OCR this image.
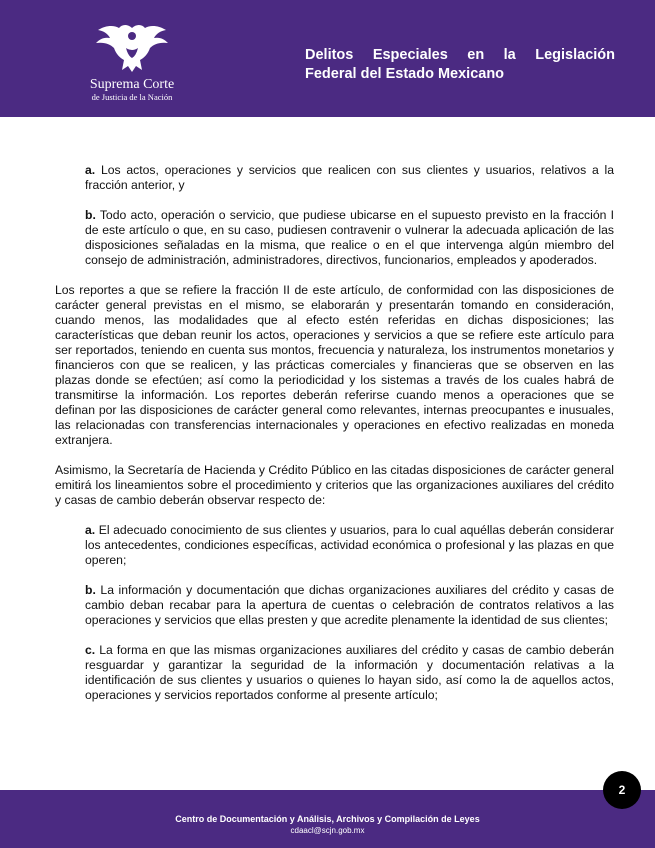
Suprema Corte
de Justicia de la Nación
Delitos Especiales en la Legislación
Federal del Estado Mexicano
a. Los actos, operaciones y servicios que realicen con sus clientes y usuarios, relativos a la fracción anterior, y
b. Todo acto, operación o servicio, que pudiese ubicarse en el supuesto previsto en la fracción I de este artículo o que, en su caso, pudiesen contravenir o vulnerar la adecuada aplicación de las disposiciones señaladas en la misma, que realice o en el que intervenga algún miembro del consejo de administración, administradores, directivos, funcionarios, empleados y apoderados.
Los reportes a que se refiere la fracción II de este artículo, de conformidad con las disposiciones de carácter general previstas en el mismo, se elaborarán y presentarán tomando en consideración, cuando menos, las modalidades que al efecto estén referidas en dichas disposiciones; las características que deban reunir los actos, operaciones y servicios a que se refiere este artículo para ser reportados, teniendo en cuenta sus montos, frecuencia y naturaleza, los instrumentos monetarios y financieros con que se realicen, y las prácticas comerciales y financieras que se observen en las plazas donde se efectúen; así como la periodicidad y los sistemas a través de los cuales habrá de transmitirse la información. Los reportes deberán referirse cuando menos a operaciones que se definan por las disposiciones de carácter general como relevantes, internas preocupantes e inusuales, las relacionadas con transferencias internacionales y operaciones en efectivo realizadas en moneda extranjera.
Asimismo, la Secretaría de Hacienda y Crédito Público en las citadas disposiciones de carácter general emitirá los lineamientos sobre el procedimiento y criterios que las organizaciones auxiliares del crédito y casas de cambio deberán observar respecto de:
a. El adecuado conocimiento de sus clientes y usuarios, para lo cual aquéllas deberán considerar los antecedentes, condiciones específicas, actividad económica o profesional y las plazas en que operen;
b. La información y documentación que dichas organizaciones auxiliares del crédito y casas de cambio deban recabar para la apertura de cuentas o celebración de contratos relativos a las operaciones y servicios que ellas presten y que acredite plenamente la identidad de sus clientes;
c. La forma en que las mismas organizaciones auxiliares del crédito y casas de cambio deberán resguardar y garantizar la seguridad de la información y documentación relativas a la identificación de sus clientes y usuarios o quienes lo hayan sido, así como la de aquellos actos, operaciones y servicios reportados conforme al presente artículo;
Centro de Documentación y Análisis, Archivos y Compilación de Leyes
cdaacl@scjn.gob.mx
2
